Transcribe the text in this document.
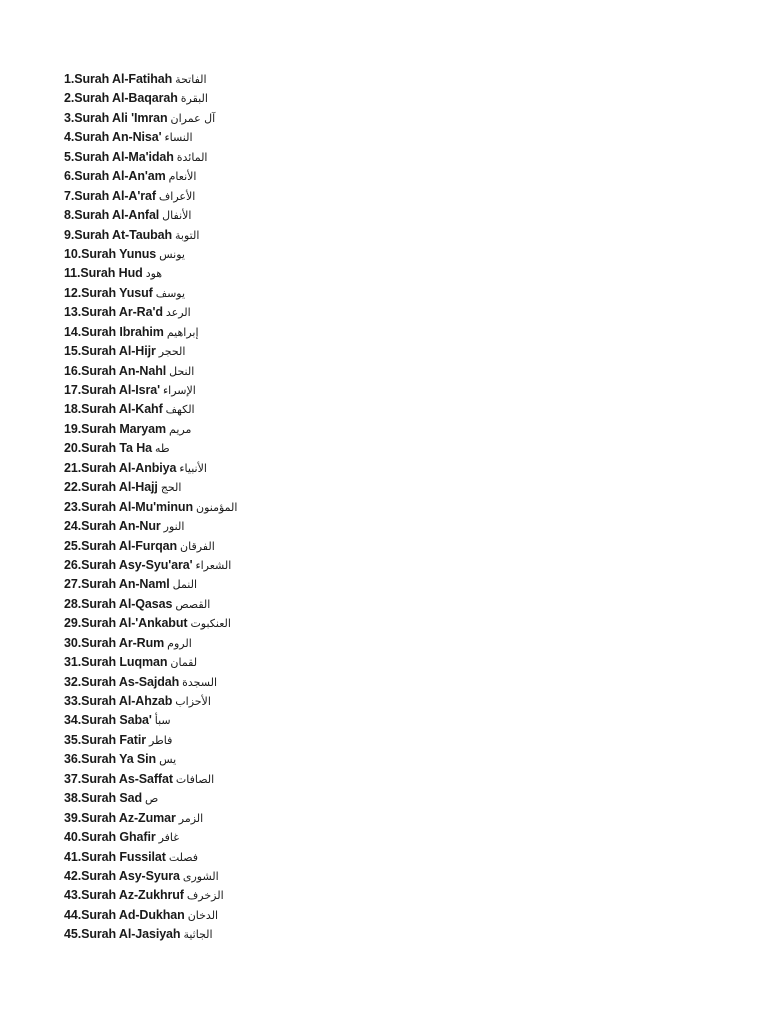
1.Surah Al-Fatihah الفاتحة
2.Surah Al-Baqarah البقرة
3.Surah Ali 'Imran آل عمران
4.Surah An-Nisa' النساء
5.Surah Al-Ma'idah المائدة
6.Surah Al-An'am الأنعام
7.Surah Al-A'raf الأعراف
8.Surah Al-Anfal الأنفال
9.Surah At-Taubah التوبة
10.Surah Yunus يونس
11.Surah Hud هود
12.Surah Yusuf يوسف
13.Surah Ar-Ra'd الرعد
14.Surah Ibrahim إبراهيم
15.Surah Al-Hijr الحجر
16.Surah An-Nahl النحل
17.Surah Al-Isra' الإسراء
18.Surah Al-Kahf الكهف
19.Surah Maryam مريم
20.Surah Ta Ha طه
21.Surah Al-Anbiya الأنبياء
22.Surah Al-Hajj الحج
23.Surah Al-Mu'minun المؤمنون
24.Surah An-Nur النور
25.Surah Al-Furqan الفرقان
26.Surah Asy-Syu'ara' الشعراء
27.Surah An-Naml النمل
28.Surah Al-Qasas القصص
29.Surah Al-'Ankabut العنكبوت
30.Surah Ar-Rum الروم
31.Surah Luqman لقمان
32.Surah As-Sajdah السجدة
33.Surah Al-Ahzab الأحزاب
34.Surah Saba' سبأ
35.Surah Fatir فاطر
36.Surah Ya Sin يس
37.Surah As-Saffat الصافات
38.Surah Sad ص
39.Surah Az-Zumar الزمر
40.Surah Ghafir غافر
41.Surah Fussilat فصلت
42.Surah Asy-Syura الشورى
43.Surah Az-Zukhruf الزخرف
44.Surah Ad-Dukhan الدخان
45.Surah Al-Jasiyah الجاثية
